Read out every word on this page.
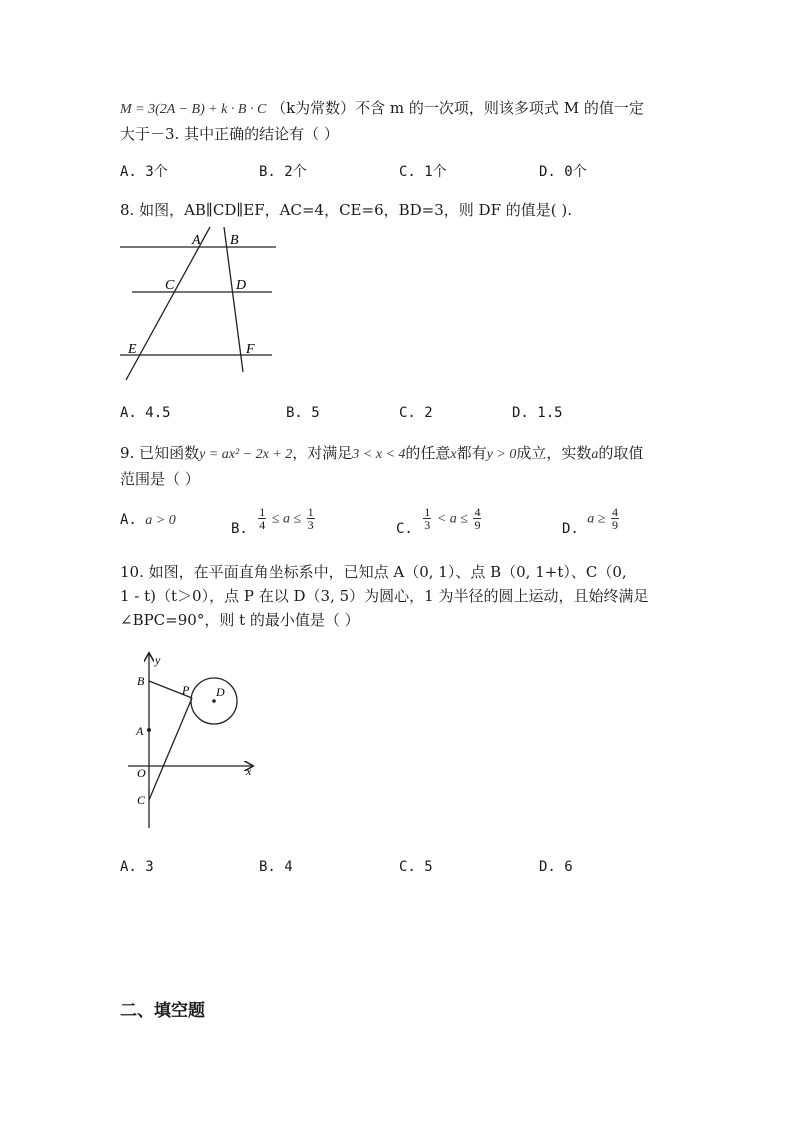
M = 3(2A − B) + k · B · C （k为常数）不含 m 的一次项，则该多项式 M 的值一定
大于－3. 其中正确的结论有（ ）
A. 3个	B. 2个	C. 1个	D. 0个
8. 如图，AB∥CD∥EF，AC=4，CE=6，BD=3，则 DF 的值是( ).
A B
C	D
E	F
A. 4.5	B. 5	C. 2	D. 1.5
9. 已知函数y = ax² − 2x + 2，对满足3 < x < 4的任意x都有y > 0成立，实数a的取值
范围是（ ）
A. a > 0	B. $\frac{1}{4} \le a \le \frac{1}{3}$	C. $\frac{1}{3} < a \le \frac{4}{9}$	D. $a \ge \frac{4}{9}$
10. 如图，在平面直角坐标系中，已知点 A（0, 1）、点 B（0, 1+t）、C（0,
1 - t)（t＞0），点 P 在以 D（3, 5）为圆心，1 为半径的圆上运动，且始终满足
∠BPC=90°，则 t 的最小值是（ ）
y
x
B
P D
A
O
C
A. 3	B. 4	C. 5	D. 6
二、填空题
